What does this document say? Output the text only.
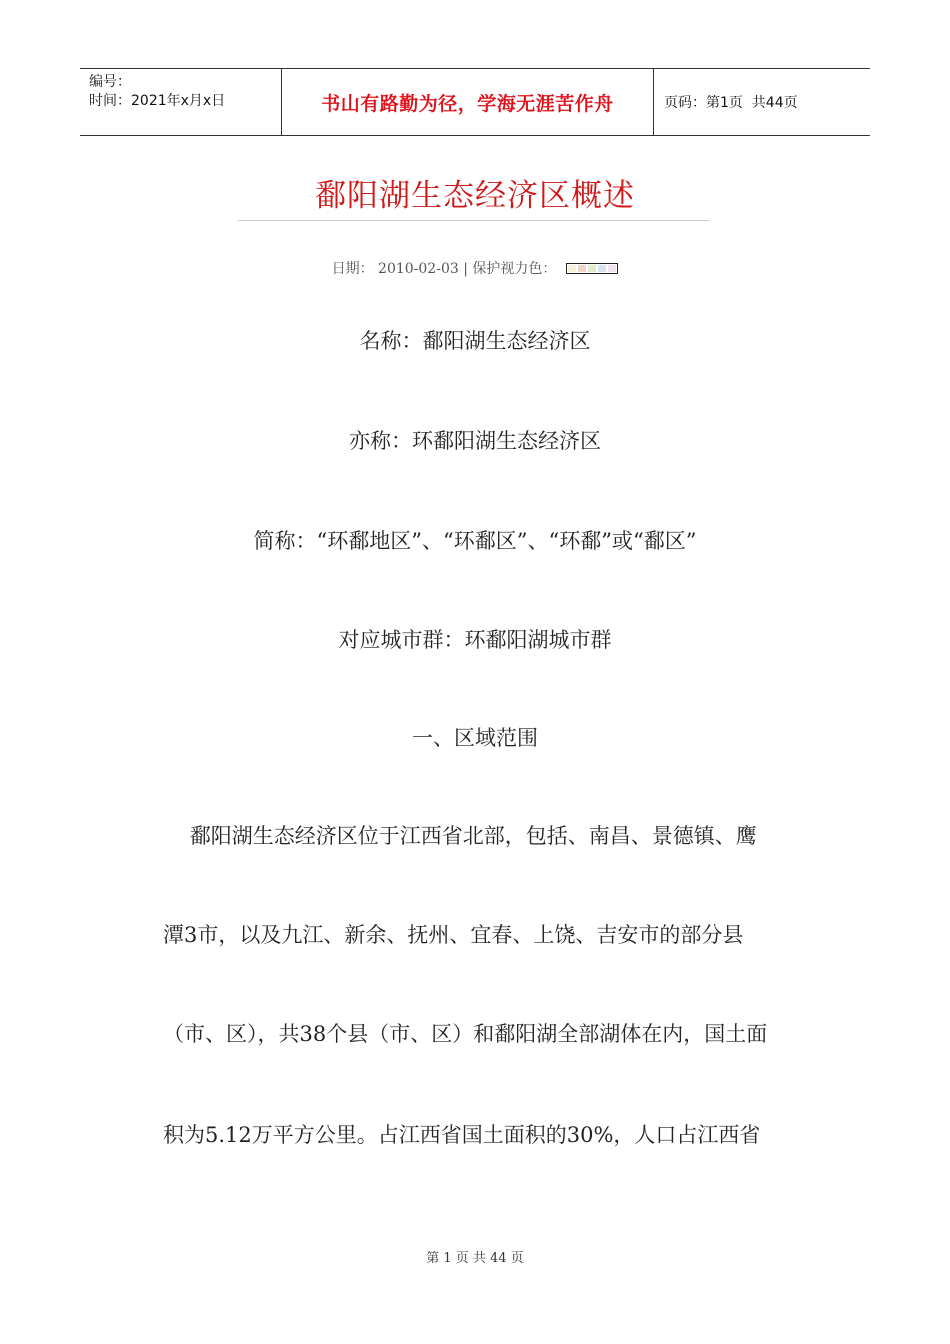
编号：
时间：2021年x月x日	书山有路勤为径，学海无涯苦作舟	页码：第1页  共44页
鄱阳湖生态经济区概述
日期： 2010-02-03 | 保护视力色：
名称：鄱阳湖生态经济区
亦称：环鄱阳湖生态经济区
简称：“环鄱地区”、“环鄱区”、“环鄱”或“鄱区”
对应城市群：环鄱阳湖城市群
一、区域范围
鄱阳湖生态经济区位于江西省北部，包括、南昌、景德镇、鹰
潭3市，以及九江、新余、抚州、宜春、上饶、吉安市的部分县
（市、区），共38个县（市、区）和鄱阳湖全部湖体在内，国土面
积为5.12万平方公里。占江西省国土面积的30%，人口占江西省
第 1 页 共 44 页
